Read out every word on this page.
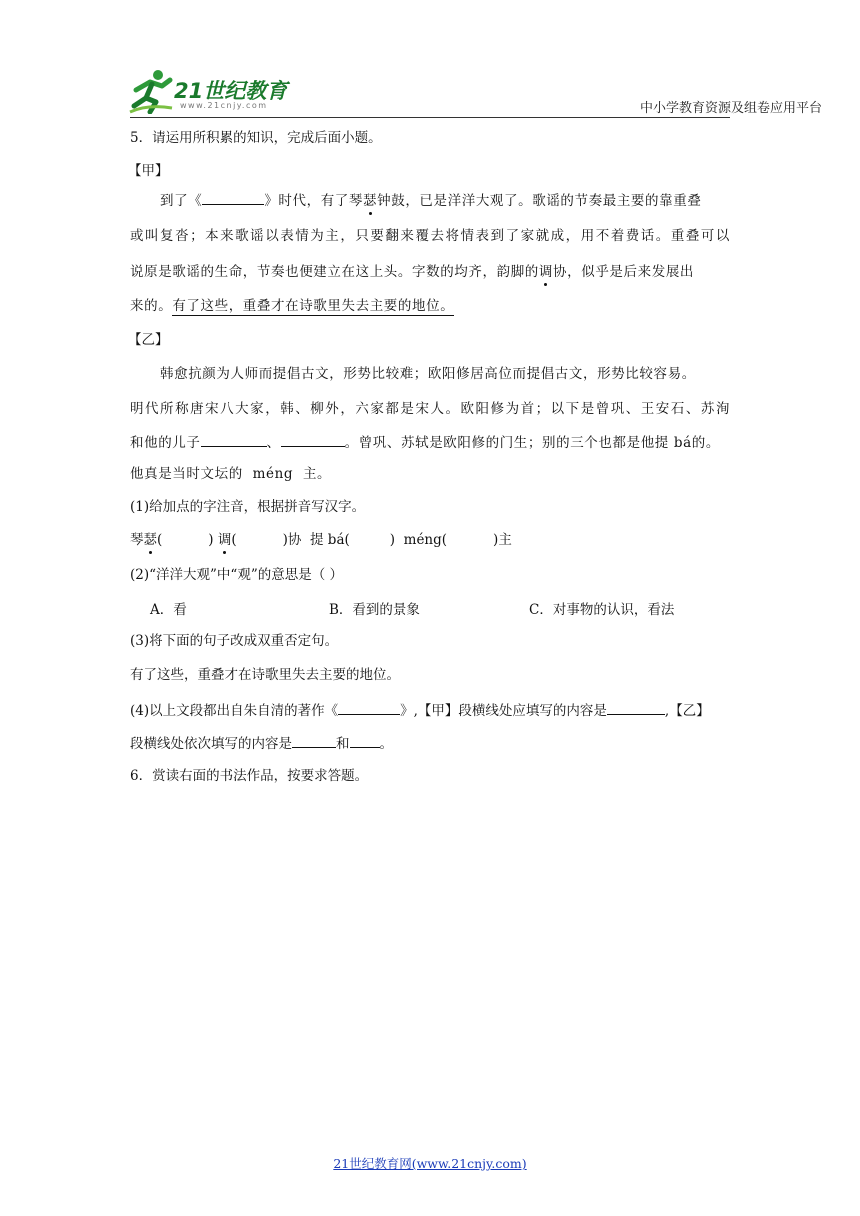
21世纪教育
www.21cnjy.com	中小学教育资源及组卷应用平台
5．请运用所积累的知识，完成后面小题。
【甲】
到了《	》时代，有了琴瑟钟鼓，已是洋洋大观了。歌谣的节奏最主要的靠重叠
或叫复沓；本来歌谣以表情为主，只要翻来覆去将情表到了家就成，用不着费话。重叠可以
说原是歌谣的生命，节奏也便建立在这上头。字数的均齐，韵脚的调协，似乎是后来发展出
来的。有了这些，重叠才在诗歌里失去主要的地位。
【乙】
韩愈抗颜为人师而提倡古文，形势比较难；欧阳修居高位而提倡古文，形势比较容易。
明代所称唐宋八大家，韩、柳外，六家都是宋人。欧阳修为首；以下是曾巩、王安石、苏洵
和他的儿子	、	。曾巩、苏轼是欧阳修的门生；别的三个也都是他提 bá的。
他真是当时文坛的 méng 主。
(1)给加点的字注音，根据拼音写汉字。
琴瑟(	) 调(	)协 提 bá(	) méng(	)主
(2)“洋洋大观”中“观”的意思是（ ）
A．看	B．看到的景象	C．对事物的认识，看法
(3)将下面的句子改成双重否定句。
有了这些，重叠才在诗歌里失去主要的地位。
(4)以上文段都出自朱自清的著作《	》,【甲】段横线处应填写的内容是	,【乙】
段横线处依次填写的内容是	和 。
6．赏读右面的书法作品，按要求答题。
21世纪教育网(www.21cnjy.com)
